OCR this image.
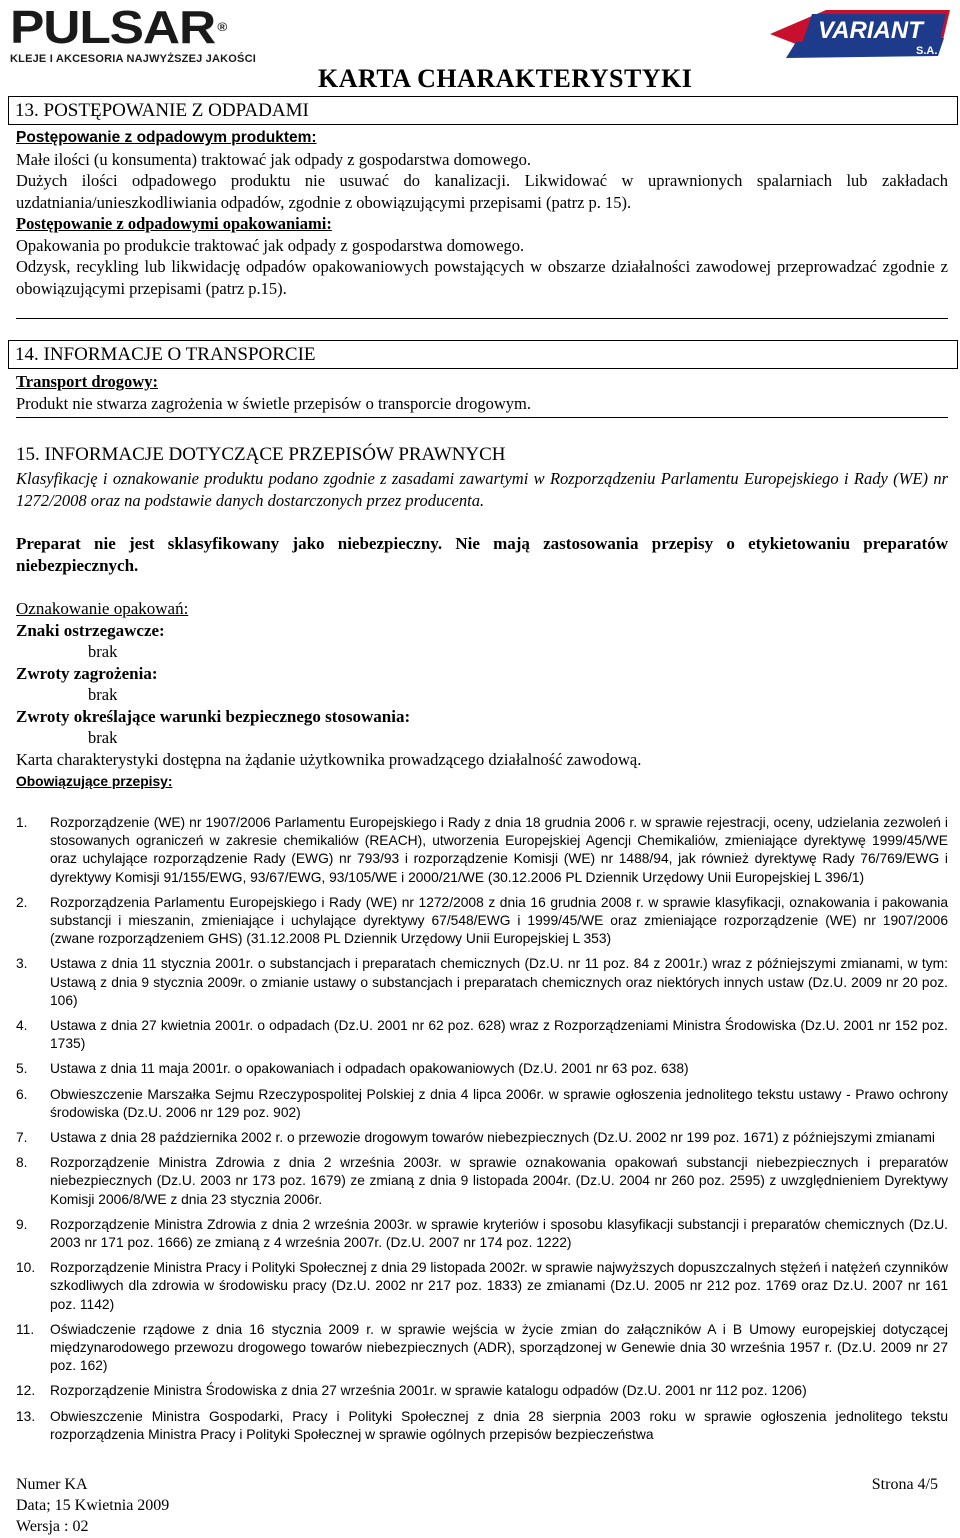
PULSAR ®
KLEJE I AKCESORIA NAJWYŻSZEJ JAKOŚCI
KARTA CHARAKTERYSTYKI
VARIANT
S.A.
13. POSTĘPOWANIE Z ODPADAMI
Postępowanie z odpadowym produktem:
Małe ilości (u konsumenta) traktować jak odpady z gospodarstwa domowego.
Dużych ilości odpadowego produktu nie usuwać do kanalizacji. Likwidować w uprawnionych spalarniach lub zakładach uzdatniania/unieszkodliwiania odpadów, zgodnie z obowiązującymi przepisami (patrz p. 15).
Postępowanie z odpadowymi opakowaniami:
Opakowania po produkcie traktować jak odpady z gospodarstwa domowego.
Odzysk, recykling lub likwidację odpadów opakowaniowych powstających w obszarze działalności zawodowej przeprowadzać zgodnie z obowiązującymi przepisami (patrz p.15).
14. INFORMACJE O TRANSPORCIE
Transport drogowy:
Produkt nie stwarza zagrożenia w świetle przepisów o transporcie drogowym.
15. INFORMACJE DOTYCZĄCE PRZEPISÓW PRAWNYCH
Klasyfikację i oznakowanie produktu podano zgodnie z zasadami zawartymi w Rozporządzeniu Parlamentu Europejskiego i Rady (WE) nr 1272/2008 oraz na podstawie danych dostarczonych przez producenta.
Preparat nie jest sklasyfikowany jako niebezpieczny. Nie mają zastosowania przepisy o etykietowaniu preparatów niebezpiecznych.
Oznakowanie opakowań:
Znaki ostrzegawcze:
brak
Zwroty zagrożenia:
brak
Zwroty określające warunki bezpiecznego stosowania:
brak
Karta charakterystyki dostępna na żądanie użytkownika prowadzącego działalność zawodową.
Obowiązujące przepisy:
1.	Rozporządzenie (WE) nr 1907/2006 Parlamentu Europejskiego i Rady z dnia 18 grudnia 2006 r. w sprawie rejestracji, oceny, udzielania zezwoleń i stosowanych ograniczeń w zakresie chemikaliów (REACH), utworzenia Europejskiej Agencji Chemikaliów, zmieniające dyrektywę 1999/45/WE oraz uchylające rozporządzenie Rady (EWG) nr 793/93 i rozporządzenie Komisji (WE) nr 1488/94, jak również dyrektywę Rady 76/769/EWG i dyrektywy Komisji 91/155/EWG, 93/67/EWG, 93/105/WE i 2000/21/WE (30.12.2006 PL Dziennik Urzędowy Unii Europejskiej L 396/1)
2.	Rozporządzenia Parlamentu Europejskiego i Rady (WE) nr 1272/2008 z dnia 16 grudnia 2008 r. w sprawie klasyfikacji, oznakowania i pakowania substancji i mieszanin, zmieniające i uchylające dyrektywy 67/548/EWG i 1999/45/WE oraz zmieniające rozporządzenie (WE) nr 1907/2006 (zwane rozporządzeniem GHS) (31.12.2008 PL Dziennik Urzędowy Unii Europejskiej L 353)
3.	Ustawa z dnia 11 stycznia 2001r. o substancjach i preparatach chemicznych (Dz.U. nr 11 poz. 84 z 2001r.) wraz z późniejszymi zmianami, w tym: Ustawą z dnia 9 stycznia 2009r. o zmianie ustawy o substancjach i preparatach chemicznych oraz niektórych innych ustaw (Dz.U. 2009 nr 20 poz. 106)
4.	Ustawa z dnia 27 kwietnia 2001r. o odpadach (Dz.U. 2001 nr 62 poz. 628) wraz z Rozporządzeniami Ministra Środowiska (Dz.U. 2001 nr 152 poz. 1735)
5.	Ustawa z dnia 11 maja 2001r. o opakowaniach i odpadach opakowaniowych (Dz.U. 2001 nr 63 poz. 638)
6.	Obwieszczenie Marszałka Sejmu Rzeczypospolitej Polskiej z dnia 4 lipca 2006r. w sprawie ogłoszenia jednolitego tekstu ustawy - Prawo ochrony środowiska (Dz.U. 2006 nr 129 poz. 902)
7.	Ustawa z dnia 28 października 2002 r. o przewozie drogowym towarów niebezpiecznych (Dz.U. 2002 nr 199 poz. 1671) z późniejszymi zmianami
8.	Rozporządzenie Ministra Zdrowia z dnia 2 września 2003r. w sprawie oznakowania opakowań substancji niebezpiecznych i preparatów niebezpiecznych (Dz.U. 2003 nr 173 poz. 1679) ze zmianą z dnia 9 listopada 2004r. (Dz.U. 2004 nr 260 poz. 2595) z uwzględnieniem Dyrektywy Komisji 2006/8/WE z dnia 23 stycznia 2006r.
9.	Rozporządzenie Ministra Zdrowia z dnia 2 września 2003r. w sprawie kryteriów i sposobu klasyfikacji substancji i preparatów chemicznych (Dz.U. 2003 nr 171 poz. 1666) ze zmianą z 4 września 2007r. (Dz.U. 2007 nr 174 poz. 1222)
10.	Rozporządzenie Ministra Pracy i Polityki Społecznej z dnia 29 listopada 2002r. w sprawie najwyższych dopuszczalnych stężeń i natężeń czynników szkodliwych dla zdrowia w środowisku pracy (Dz.U. 2002 nr 217 poz. 1833) ze zmianami (Dz.U. 2005 nr 212 poz. 1769 oraz Dz.U. 2007 nr 161 poz. 1142)
11.	Oświadczenie rządowe z dnia 16 stycznia 2009 r. w sprawie wejścia w życie zmian do załączników A i B Umowy europejskiej dotyczącej międzynarodowego przewozu drogowego towarów niebezpiecznych (ADR), sporządzonej w Genewie dnia 30 września 1957 r. (Dz.U. 2009 nr 27 poz. 162)
12.	Rozporządzenie Ministra Środowiska z dnia 27 września 2001r. w sprawie katalogu odpadów (Dz.U. 2001 nr 112 poz. 1206)
13.	Obwieszczenie Ministra Gospodarki, Pracy i Polityki Społecznej z dnia 28 sierpnia 2003 roku w sprawie ogłoszenia jednolitego tekstu rozporządzenia Ministra Pracy i Polityki Społecznej w sprawie ogólnych przepisów bezpieczeństwa
Numer KA
Data; 15 Kwietnia 2009
Wersja : 02
Strona 4/5
